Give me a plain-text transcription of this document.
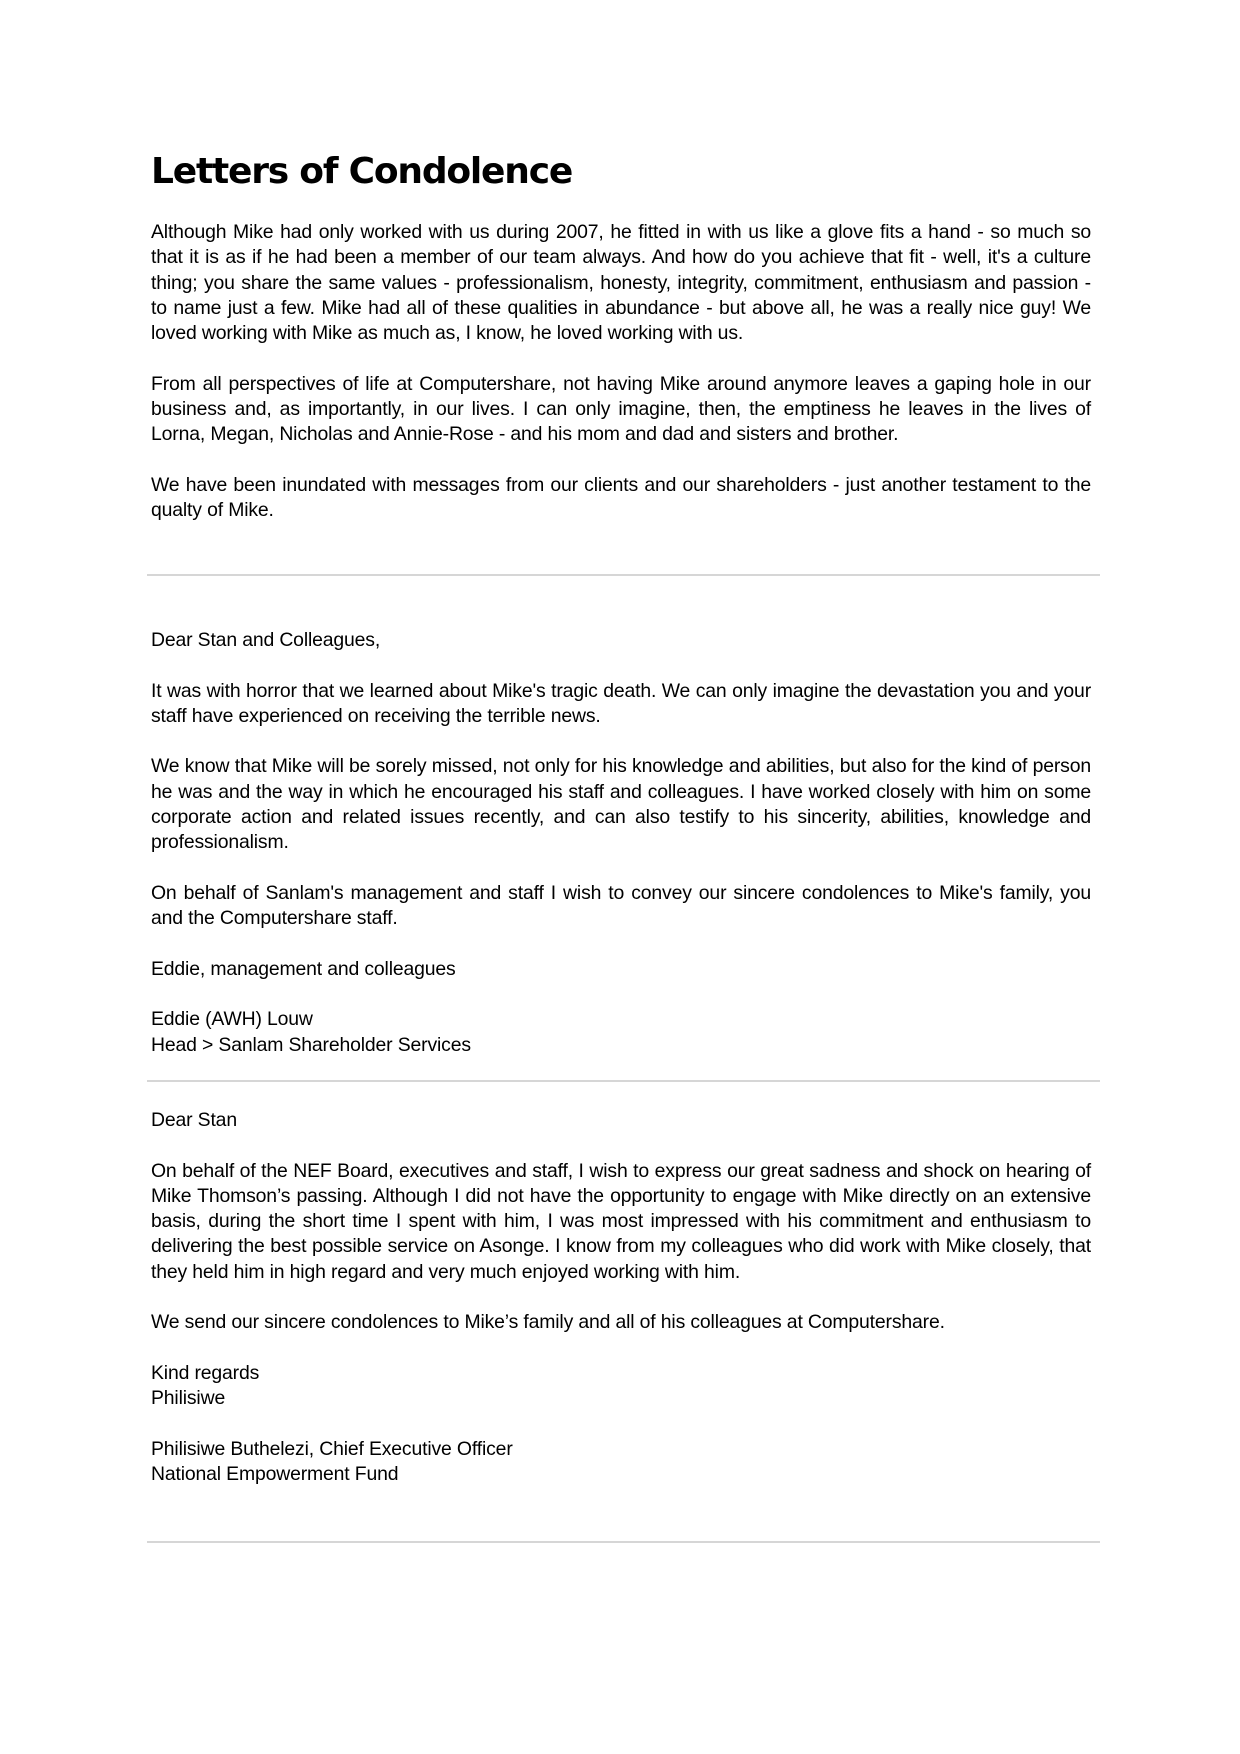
Letters of Condolence

Although Mike had only worked with us during 2007, he fitted in with us like a glove fits a hand - so much so that it is as if he had been a member of our team always. And how do you achieve that fit - well, it's a culture thing; you share the same values - professionalism, honesty, integrity, commitment, enthusiasm and passion - to name just a few. Mike had all of these qualities in abundance - but above all, he was a really nice guy! We loved working with Mike as much as, I know, he loved working with us.

From all perspectives of life at Computershare, not having Mike around anymore leaves a gaping hole in our business and, as importantly, in our lives. I can only imagine, then, the emptiness he leaves in the lives of Lorna, Megan, Nicholas and Annie-Rose - and his mom and dad and sisters and brother.

We have been inundated with messages from our clients and our shareholders - just another testament to the qualty of Mike.

Dear Stan and Colleagues,

It was with horror that we learned about Mike's tragic death. We can only imagine the devastation you and your staff have experienced on receiving the terrible news.

We know that Mike will be sorely missed, not only for his knowledge and abilities, but also for the kind of person he was and the way in which he encouraged his staff and colleagues. I have worked closely with him on some corporate action and related issues recently, and can also testify to his sincerity, abilities, knowledge and professionalism.

On behalf of Sanlam's management and staff I wish to convey our sincere condolences to Mike's family, you and the Computershare staff.

Eddie, management and colleagues

Eddie (AWH) Louw

Head > Sanlam Shareholder Services

Dear Stan

On behalf of the NEF Board, executives and staff, I wish to express our great sadness and shock on hearing of Mike Thomson’s passing. Although I did not have the opportunity to engage with Mike directly on an extensive basis, during the short time I spent with him, I was most impressed with his commitment and enthusiasm to delivering the best possible service on Asonge. I know from my colleagues who did work with Mike closely, that they held him in high regard and very much enjoyed working with him.

We send our sincere condolences to Mike’s family and all of his colleagues at Computershare.

Kind regards

Philisiwe

Philisiwe Buthelezi, Chief Executive Officer

National Empowerment Fund
